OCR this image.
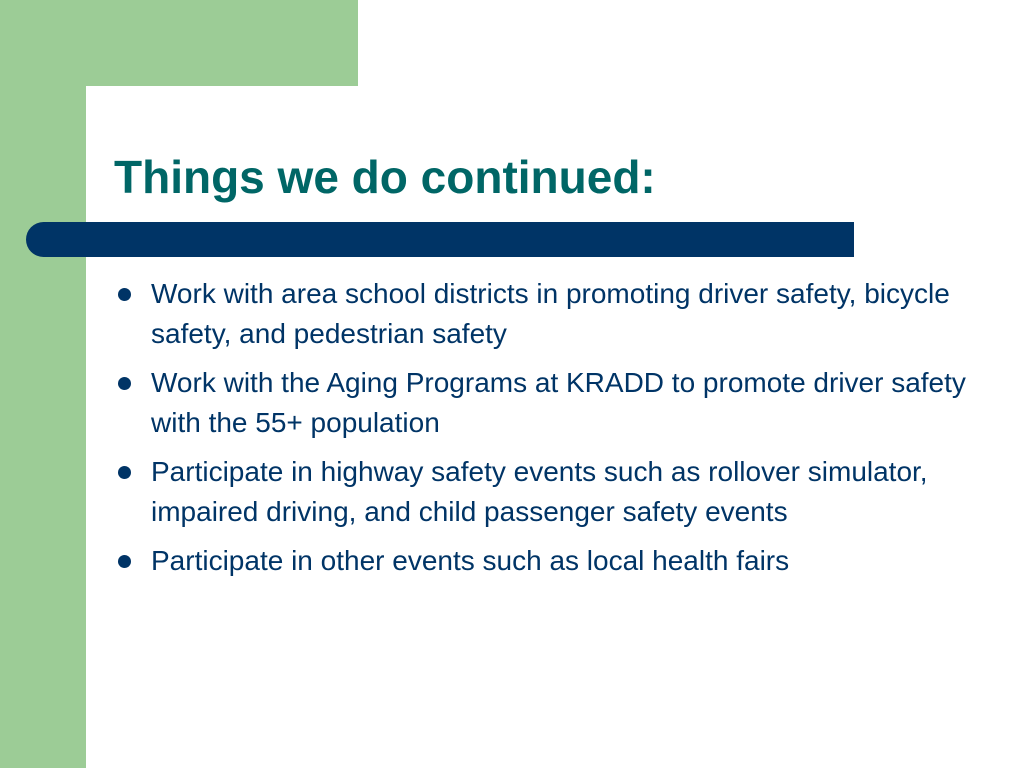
Things we do continued:
Work with area school districts in promoting driver safety, bicycle safety, and pedestrian safety
Work with the Aging Programs at KRADD to promote driver safety with the 55+ population
Participate in highway safety events such as rollover simulator, impaired driving, and child passenger safety events
Participate in other events such as local health fairs
